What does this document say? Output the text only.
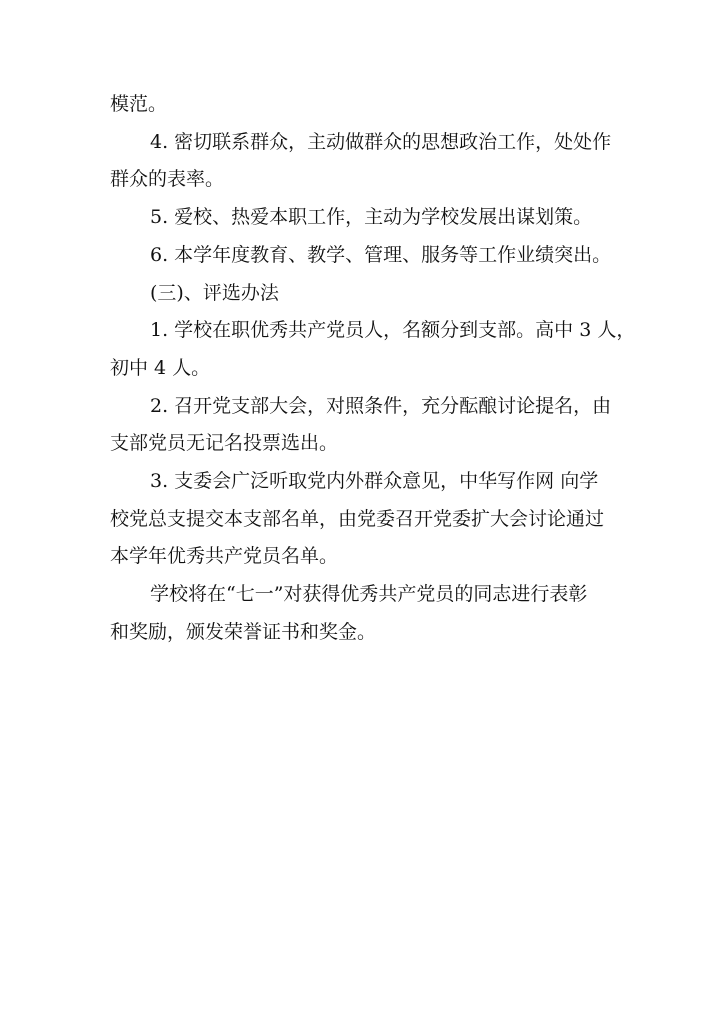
模范。
4. 密切联系群众，主动做群众的思想政治工作，处处作
群众的表率。
5. 爱校、热爱本职工作，主动为学校发展出谋划策。
6. 本学年度教育、教学、管理、服务等工作业绩突出。
(三)、评选办法
1. 学校在职优秀共产党员人，名额分到支部。高中 3 人，
初中 4 人。
2. 召开党支部大会，对照条件，充分酝酿讨论提名，由
支部党员无记名投票选出。
3. 支委会广泛听取党内外群众意见，中华写作网 向学
校党总支提交本支部名单，由党委召开党委扩大会讨论通过
本学年优秀共产党员名单。
学校将在“七一”对获得优秀共产党员的同志进行表彰
和奖励，颁发荣誉证书和奖金。
